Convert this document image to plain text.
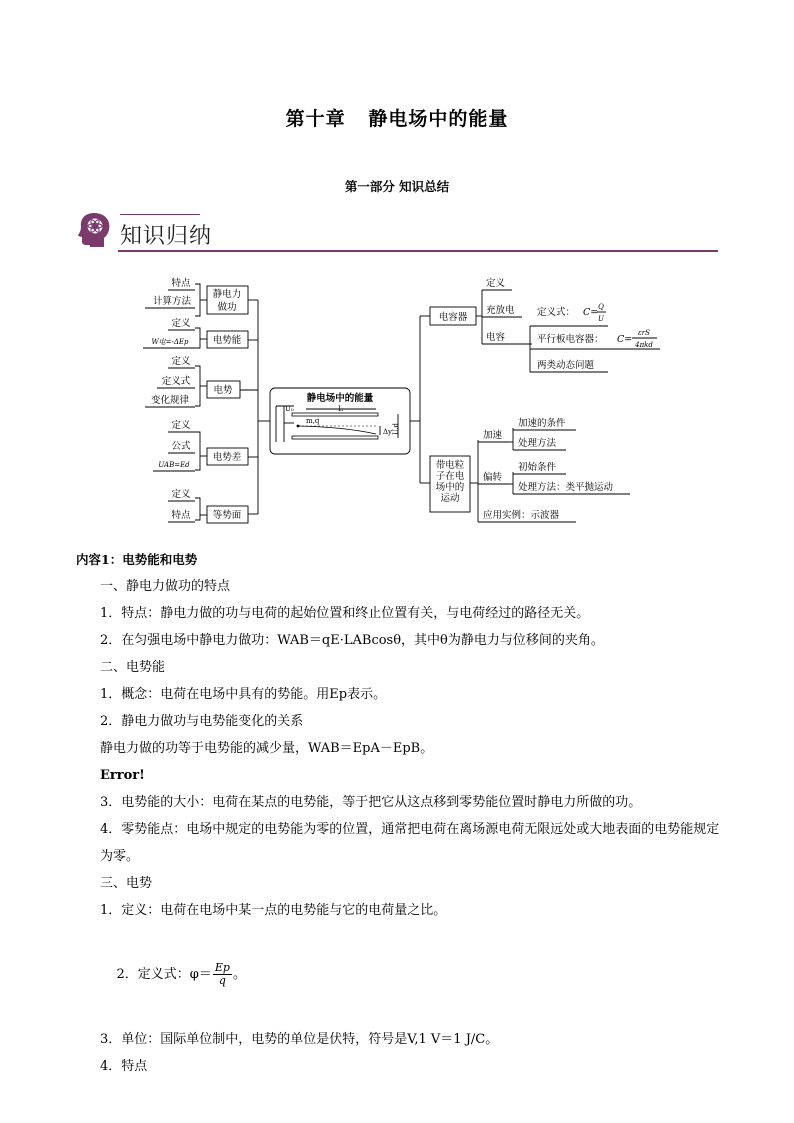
第十章   静电场中的能量
第一部分 知识总结
知识归纳
静电场中的能量
U₀	L
m,q
Δy U,d
静电力
做功
电势能
电势
电势差
等势面
特点
计算方法
定义
W电=-ΔEp
定义
定义式
变化规律
定义
公式
UAB=Ed
定义
特点
电容器
定义
充放电
电容
定义式： C= Q
U
平行板电容器： C=
εrS
4πkd
两类动态问题
带电粒
子在电
场中的
运动
加速
加速的条件
处理方法
偏转
初始条件
处理方法：类平抛运动
应用实例：示波器
内容1：电势能和电势
一、静电力做功的特点
1．特点：静电力做的功与电荷的起始位置和终止位置有关，与电荷经过的路径无关。
2．在匀强电场中静电力做功：WAB＝qE·LABcosθ，其中θ为静电力与位移间的夹角。
二、电势能
1．概念：电荷在电场中具有的势能。用Ep表示。
2．静电力做功与电势能变化的关系
静电力做的功等于电势能的减少量，WAB＝EpA－EpB。
Error!
3．电势能的大小：电荷在某点的电势能，等于把它从这点移到零势能位置时静电力所做的功。
4．零势能点：电场中规定的电势能为零的位置，通常把电荷在离场源电荷无限远处或大地表面的电势能规定为零。
三、电势
1．定义：电荷在电场中某一点的电势能与它的电荷量之比。

2．定义式：$\varphi= \frac{Ep}{q}$ 。

3．单位：国际单位制中，电势的单位是伏特，符号是V,1 V＝1 J/C。
4．特点
